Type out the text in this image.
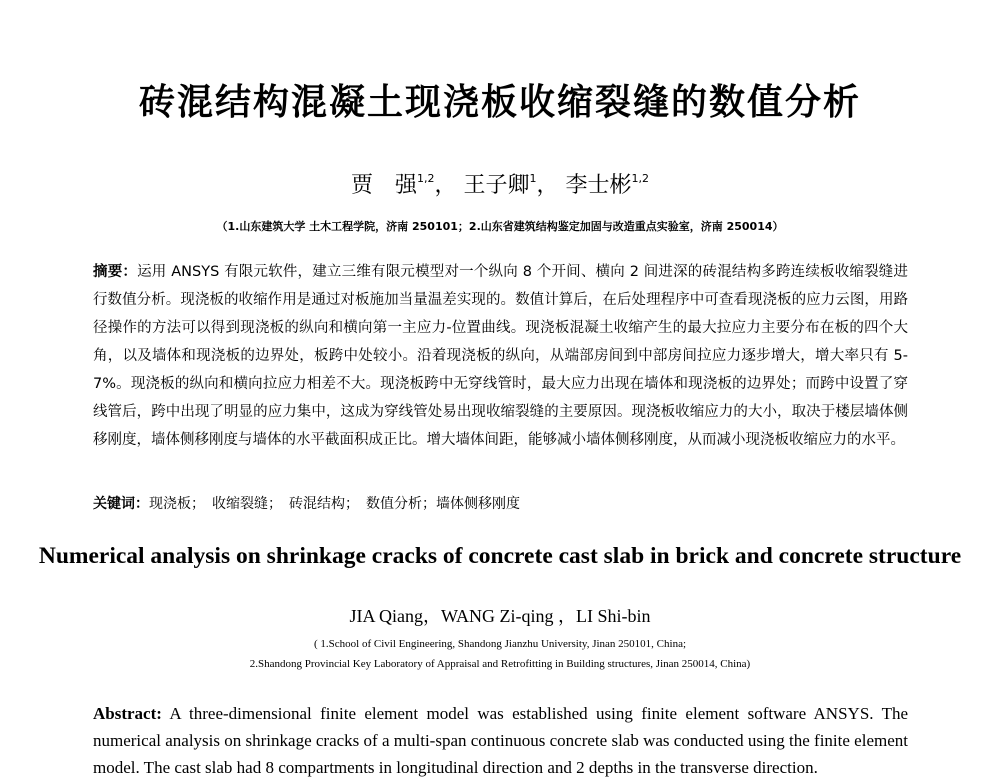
砖混结构混凝土现浇板收缩裂缝的数值分析
贾　强$^{1,2}$， 王子卿$^1$， 李士彬$^{1,2}$
（1.山东建筑大学 土木工程学院，济南 250101；2.山东省建筑结构鉴定加固与改造重点实验室，济南 250014）
摘要：运用 ANSYS 有限元软件，建立三维有限元模型对一个纵向 8 个开间、横向 2 间进深的砖混结构多跨连续板收缩裂缝进行数值分析。现浇板的收缩作用是通过对板施加当量温差实现的。数值计算后，在后处理程序中可查看现浇板的应力云图，用路径操作的方法可以得到现浇板的纵向和横向第一主应力-位置曲线。现浇板混凝土收缩产生的最大拉应力主要分布在板的四个大角，以及墙体和现浇板的边界处，板跨中处较小。沿着现浇板的纵向，从端部房间到中部房间拉应力逐步增大，增大率只有 5-7%。现浇板的纵向和横向拉应力相差不大。现浇板跨中无穿线管时，最大应力出现在墙体和现浇板的边界处；而跨中设置了穿线管后，跨中出现了明显的应力集中，这成为穿线管处易出现收缩裂缝的主要原因。现浇板收缩应力的大小，取决于楼层墙体侧移刚度，墙体侧移刚度与墙体的水平截面积成正比。增大墙体间距，能够减小墙体侧移刚度，从而减小现浇板收缩应力的水平。
关键词：现浇板；　收缩裂缝；　砖混结构；　数值分析；墙体侧移刚度
Numerical analysis on shrinkage cracks of concrete cast slab in brick and concrete structure
JIA Qiang，WANG Zi-qing ，LI Shi-bin
( 1.School of Civil Engineering, Shandong Jianzhu University, Jinan 250101, China;
2.Shandong Provincial Key Laboratory of Appraisal and Retrofitting in Building structures, Jinan 250014, China)
Abstract: A three-dimensional finite element model was established using finite element software ANSYS. The numerical analysis on shrinkage cracks of a multi-span continuous concrete slab was conducted using the finite element model. The cast slab had 8 compartments in longitudinal direction and 2 depths in the transverse direction.
